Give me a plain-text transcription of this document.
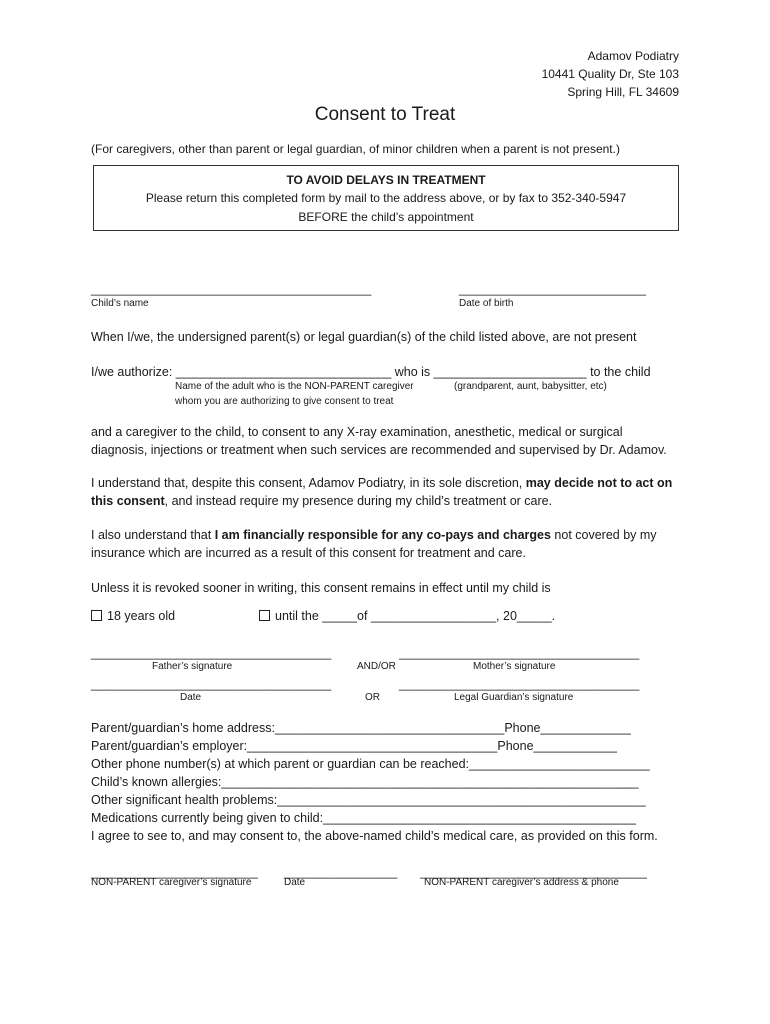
Adamov Podiatry
10441 Quality Dr, Ste 103
Spring Hill, FL 34609
Consent to Treat
(For caregivers, other than parent or legal guardian, of minor children when a parent is not present.)
TO AVOID DELAYS IN TREATMENT
Please return this completed form by mail to the address above, or by fax to 352-340-5947
BEFORE the child’s appointment
__________________________________________
Child’s name
____________________________
Date of birth
When I/we, the undersigned parent(s) or legal guardian(s) of the child listed above, are not present
I/we authorize: _______________________________ who is ______________________ to the child
Name of the adult who is the NON-PARENT caregiver
whom you are authorizing to give consent to treat
(grandparent, aunt, babysitter, etc)
and a caregiver to the child, to consent to any X-ray examination, anesthetic, medical or surgical
diagnosis, injections or treatment when such services are recommended and supervised by Dr. Adamov.
I understand that, despite this consent, Adamov Podiatry, in its sole discretion, may decide not to act on
this consent, and instead require my presence during my child’s treatment or care.
I also understand that I am financially responsible for any co-pays and charges not covered by my
insurance which are incurred as a result of this consent for treatment and care.
Unless it is revoked sooner in writing, this consent remains in effect until my child is
18 years old	until the _____of __________________, 20_____.
____________________________________	____________________________________
Father’s signature	AND/OR	Mother’s signature
____________________________________	____________________________________
Date	OR	Legal Guardian’s signature
Parent/guardian’s home address:_________________________________Phone_____________
Parent/guardian’s employer:____________________________________Phone____________
Other phone number(s) at which parent or guardian can be reached:__________________________
Child’s known allergies:____________________________________________________________
Other significant health problems:_____________________________________________________
Medications currently being given to child:_____________________________________________
I agree to see to, and may consent to, the above-named child’s medical care, as provided on this form.
_________________________ _________________ __________________________________
NON-PARENT caregiver’s signature	Date	NON-PARENT caregiver’s address & phone
